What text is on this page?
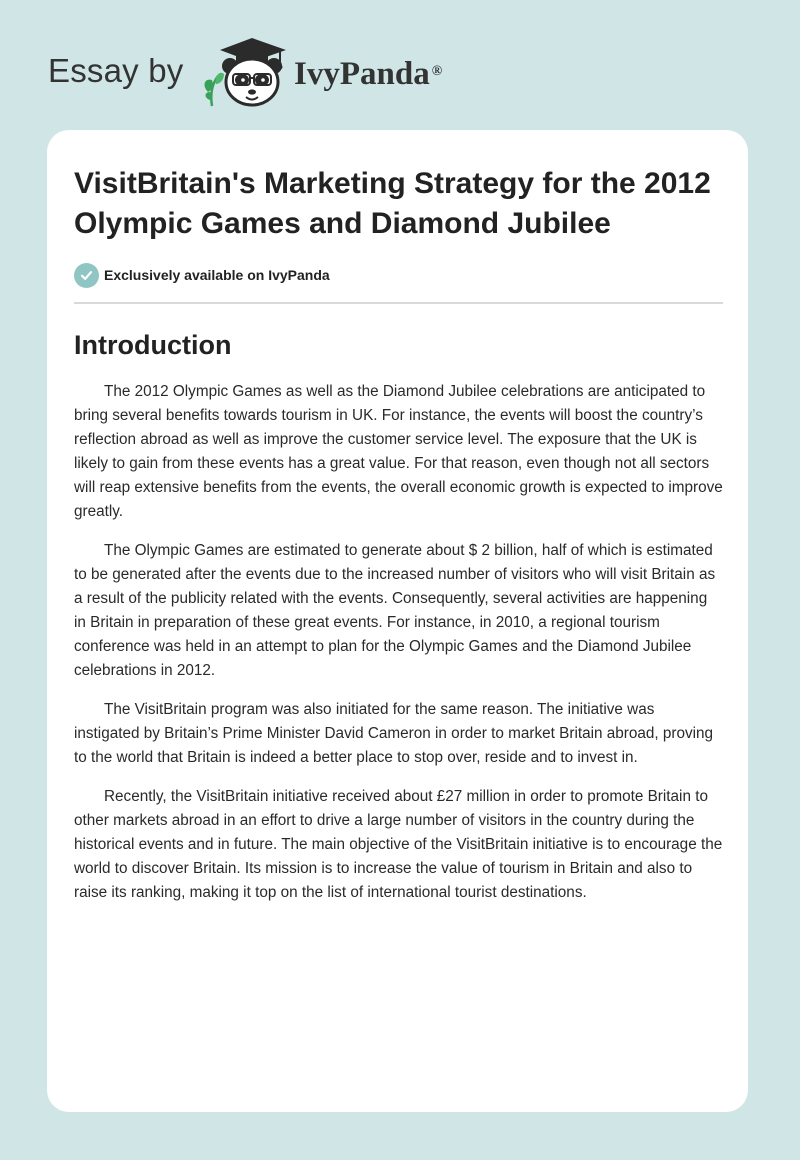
Essay by	IvyPanda ®
VisitBritain's Marketing Strategy for the 2012 Olympic Games and Diamond Jubilee
Exclusively available on IvyPanda
Introduction

The 2012 Olympic Games as well as the Diamond Jubilee celebrations are anticipated to bring several benefits towards tourism in UK. For instance, the events will boost the country’s reflection abroad as well as improve the customer service level. The exposure that the UK is likely to gain from these events has a great value. For that reason, even though not all sectors will reap extensive benefits from the events, the overall economic growth is expected to improve greatly.

The Olympic Games are estimated to generate about $ 2 billion, half of which is estimated to be generated after the events due to the increased number of visitors who will visit Britain as a result of the publicity related with the events. Consequently, several activities are happening in Britain in preparation of these great events. For instance, in 2010, a regional tourism conference was held in an attempt to plan for the Olympic Games and the Diamond Jubilee celebrations in 2012.

The VisitBritain program was also initiated for the same reason. The initiative was instigated by Britain’s Prime Minister David Cameron in order to market Britain abroad, proving to the world that Britain is indeed a better place to stop over, reside and to invest in.

Recently, the VisitBritain initiative received about £27 million in order to promote Britain to other markets abroad in an effort to drive a large number of visitors in the country during the historical events and in future. The main objective of the VisitBritain initiative is to encourage the world to discover Britain. Its mission is to increase the value of tourism in Britain and also to raise its ranking, making it top on the list of international tourist destinations.
